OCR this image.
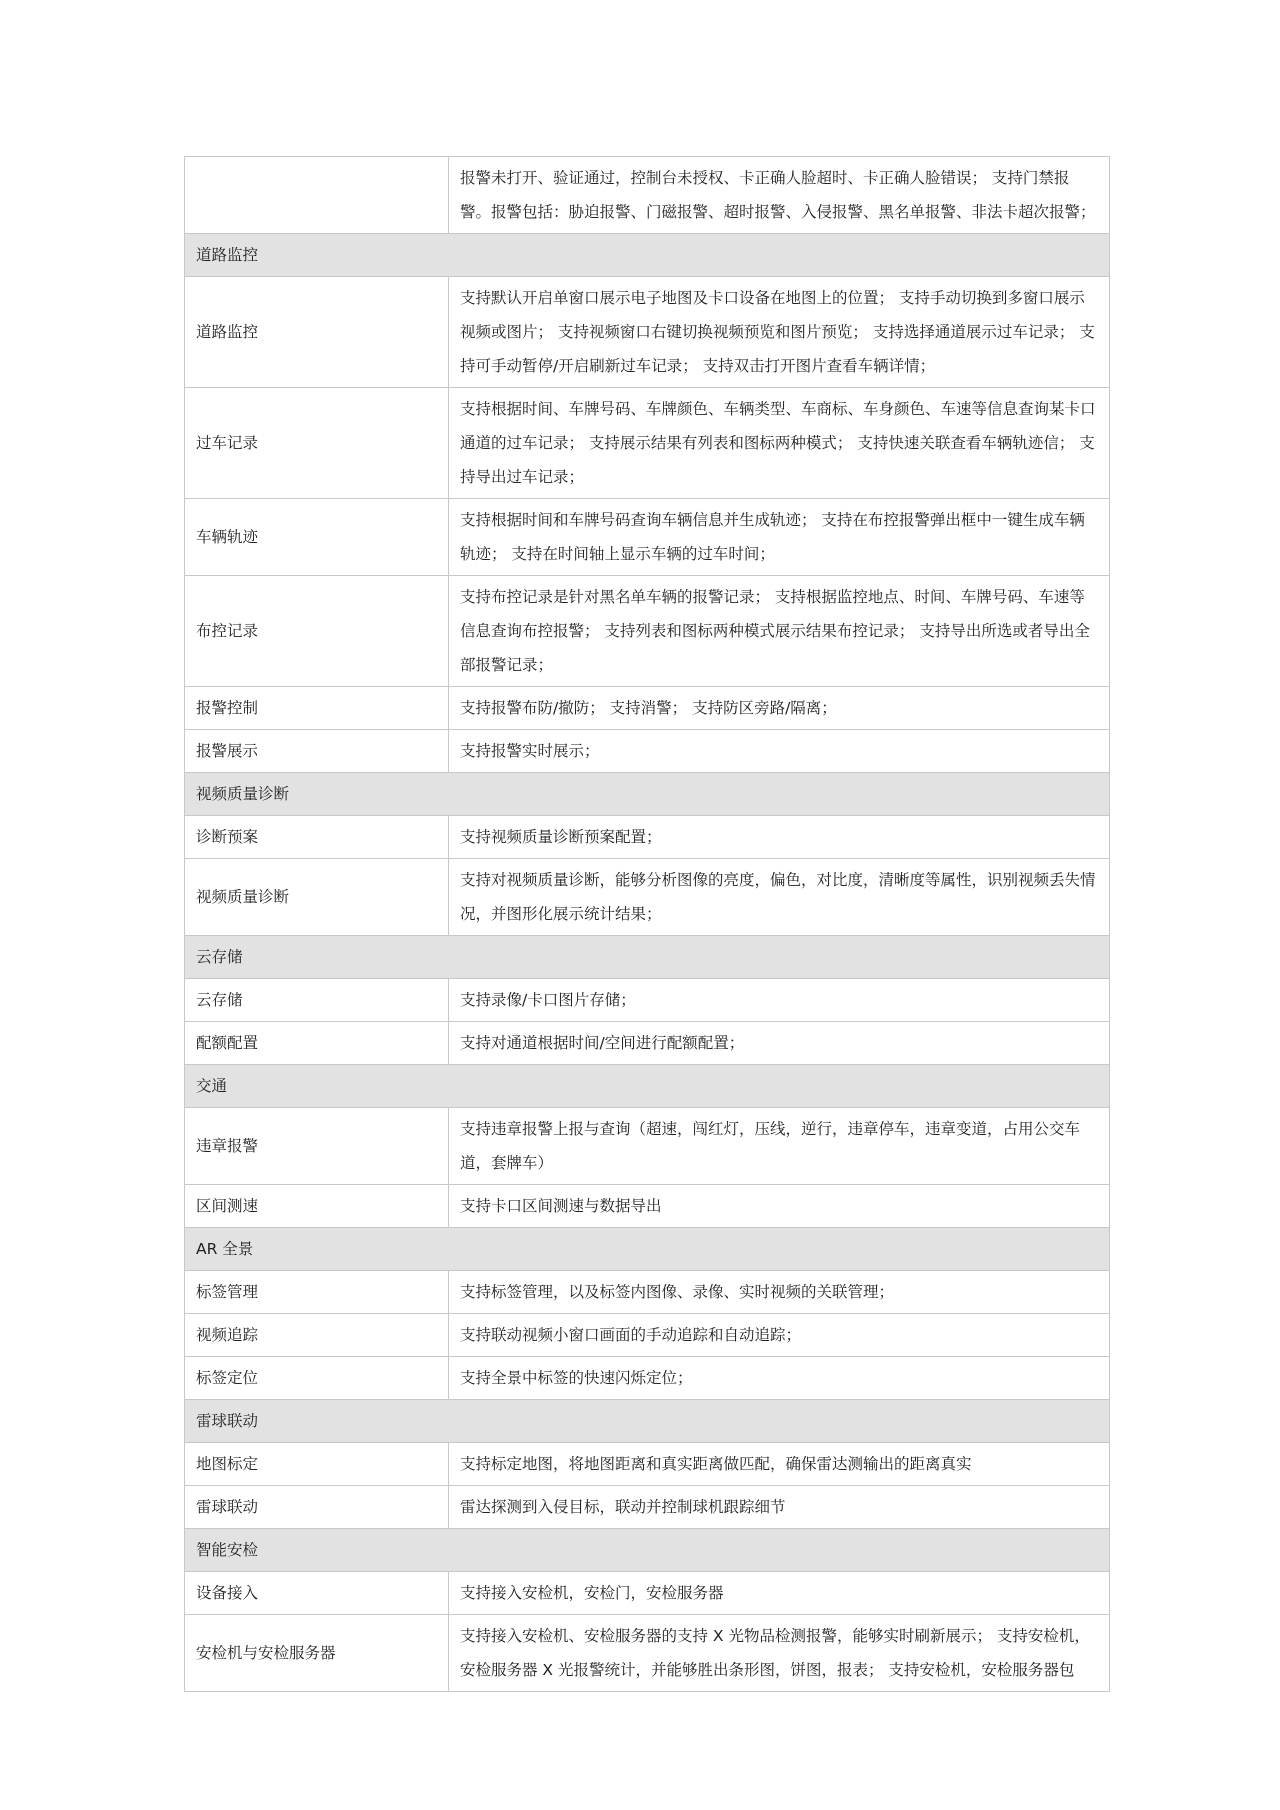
	报警未打开、验证通过，控制台未授权、卡正确人脸超时、卡正确人脸错误； 支持门禁报警。报警包括：胁迫报警、门磁报警、超时报警、入侵报警、黑名单报警、非法卡超次报警；
道路监控	
道路监控	支持默认开启单窗口展示电子地图及卡口设备在地图上的位置； 支持手动切换到多窗口展示视频或图片； 支持视频窗口右键切换视频预览和图片预览； 支持选择通道展示过车记录； 支持可手动暂停/开启刷新过车记录； 支持双击打开图片查看车辆详情；
过车记录	支持根据时间、车牌号码、车牌颜色、车辆类型、车商标、车身颜色、车速等信息查询某卡口通道的过车记录； 支持展示结果有列表和图标两种模式； 支持快速关联查看车辆轨迹信； 支持导出过车记录；
车辆轨迹	支持根据时间和车牌号码查询车辆信息并生成轨迹； 支持在布控报警弹出框中一键生成车辆轨迹； 支持在时间轴上显示车辆的过车时间；
布控记录	支持布控记录是针对黑名单车辆的报警记录； 支持根据监控地点、时间、车牌号码、车速等信息查询布控报警； 支持列表和图标两种模式展示结果布控记录； 支持导出所选或者导出全部报警记录；
报警控制	支持报警布防/撤防； 支持消警； 支持防区旁路/隔离；
报警展示	支持报警实时展示；
视频质量诊断	
诊断预案	支持视频质量诊断预案配置；
视频质量诊断	支持对视频质量诊断，能够分析图像的亮度，偏色，对比度，清晰度等属性，识别视频丢失情况，并图形化展示统计结果；
云存储	
云存储	支持录像/卡口图片存储；
配额配置	支持对通道根据时间/空间进行配额配置；
交通	
违章报警	支持违章报警上报与查询（超速，闯红灯，压线，逆行，违章停车，违章变道，占用公交车道，套牌车）
区间测速	支持卡口区间测速与数据导出
AR 全景	
标签管理	支持标签管理，以及标签内图像、录像、实时视频的关联管理；
视频追踪	支持联动视频小窗口画面的手动追踪和自动追踪；
标签定位	支持全景中标签的快速闪烁定位；
雷球联动	
地图标定	支持标定地图，将地图距离和真实距离做匹配，确保雷达测输出的距离真实
雷球联动	雷达探测到入侵目标，联动并控制球机跟踪细节
智能安检	
设备接入	支持接入安检机，安检门，安检服务器
安检机与安检服务器	支持接入安检机、安检服务器的支持 X 光物品检测报警，能够实时刷新展示； 支持安检机，安检服务器 X 光报警统计，并能够胜出条形图，饼图，报表； 支持安检机，安检服务器包
